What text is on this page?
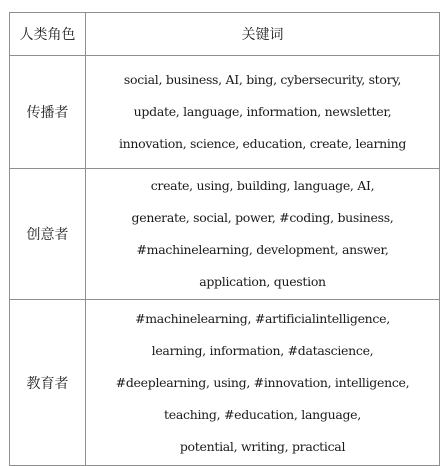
人类角色	关键词
传播者	social, business, AI, bing, cybersecurity, story,
update, language, information, newsletter,
innovation, science, education, create, learning

创意者	create, using, building, language, AI,
generate, social, power, #coding, business,
#machinelearning, development, answer,
application, question

教育者	#machinelearning, #artificialintelligence,
learning, information, #datascience,
#deeplearning, using, #innovation, intelligence,
teaching, #education, language,
potential, writing, practical
